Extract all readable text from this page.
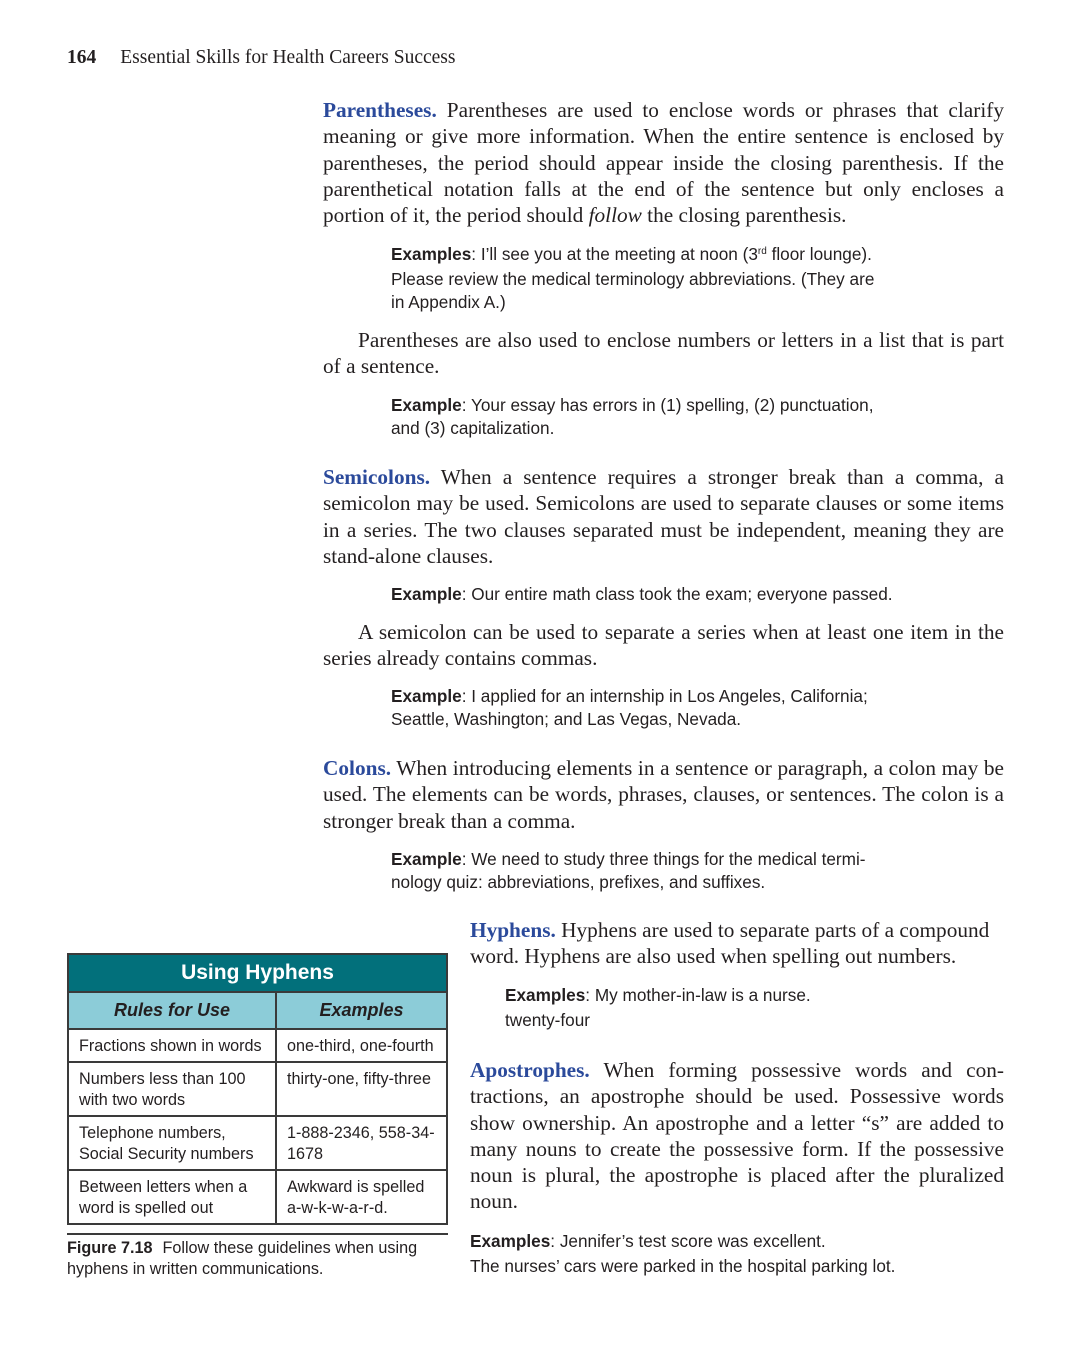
164 Essential Skills for Health Careers Success
Parentheses. Parentheses are used to enclose words or phrases that clarify meaning or give more information. When the entire sentence is enclosed by parentheses, the period should appear inside the closing parenthesis. If the parenthetical notation falls at the end of the sentence but only encloses a portion of it, the period should follow the closing parenthesis.
Examples: I’ll see you at the meeting at noon (3rd floor lounge).
Please review the medical terminology abbreviations. (They are
in Appendix A.)
Parentheses are also used to enclose numbers or letters in a list that is part of a sentence.
Example: Your essay has errors in (1) spelling, (2) punctuation,
and (3) capitalization.
Semicolons. When a sentence requires a stronger break than a comma, a semicolon may be used. Semicolons are used to separate clauses or some items in a series. The two clauses separated must be independent, meaning they are stand-alone clauses.
Example: Our entire math class took the exam; everyone passed.
A semicolon can be used to separate a series when at least one item in the series already contains commas.
Example: I applied for an internship in Los Angeles, California;
Seattle, Washington; and Las Vegas, Nevada.
Colons. When introducing elements in a sentence or paragraph, a colon may be used. The elements can be words, phrases, clauses, or sentences. The colon is a stronger break than a comma.
Example: We need to study three things for the medical termi-
nology quiz: abbreviations, prefixes, and suffixes.
Hyphens. Hyphens are used to separate parts of a compound word. Hyphens are also used when spelling out numbers.
Examples: My mother-in-law is a nurse.
twenty-four
Apostrophes. When forming possessive words and contractions, an apostrophe should be used. Possessive words show ownership. An apostrophe and a letter “s” are added to many nouns to create the possessive form. If the possessive noun is plural, the apostrophe is placed after the pluralized noun.
Examples: Jennifer’s test score was excellent.
The nurses’ cars were parked in the hospital parking lot.
Using Hyphens	
Rules for Use	Examples
Fractions shown in words	one-third, one-fourth
Numbers less than 100 with two words	thirty-one, fifty-three
Telephone numbers, Social Security numbers	1-888-2346, 558-34-1678
Between letters when a word is spelled out	Awkward is spelled a-w-k-w-a-r-d.
Figure 7.18 Follow these guidelines when using hyphens in written communications.
